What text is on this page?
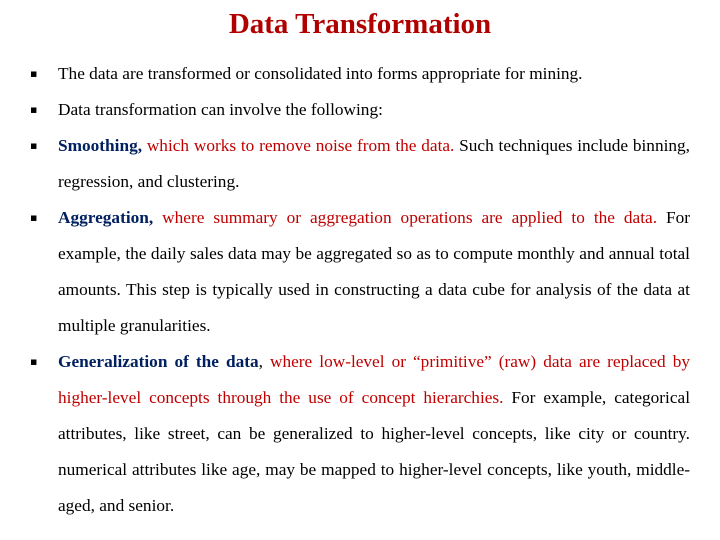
Data Transformation

▪ The data are transformed or consolidated into forms appropriate for mining.

▪ Data transformation can involve the following:

▪ Smoothing, which works to remove noise from the data. Such techniques include binning, regression, and clustering.

▪ Aggregation, where summary or aggregation operations are applied to the data. For example, the daily sales data may be aggregated so as to compute monthly and annual total amounts. This step is typically used in constructing a data cube for analysis of the data at multiple granularities.

▪ Generalization of the data, where low-level or “primitive” (raw) data are replaced by higher-level concepts through the use of concept hierarchies. For example, categorical attributes, like street, can be generalized to higher-level concepts, like city or country. numerical attributes like age, may be mapped to higher-level concepts, like youth, middle-aged, and senior.
